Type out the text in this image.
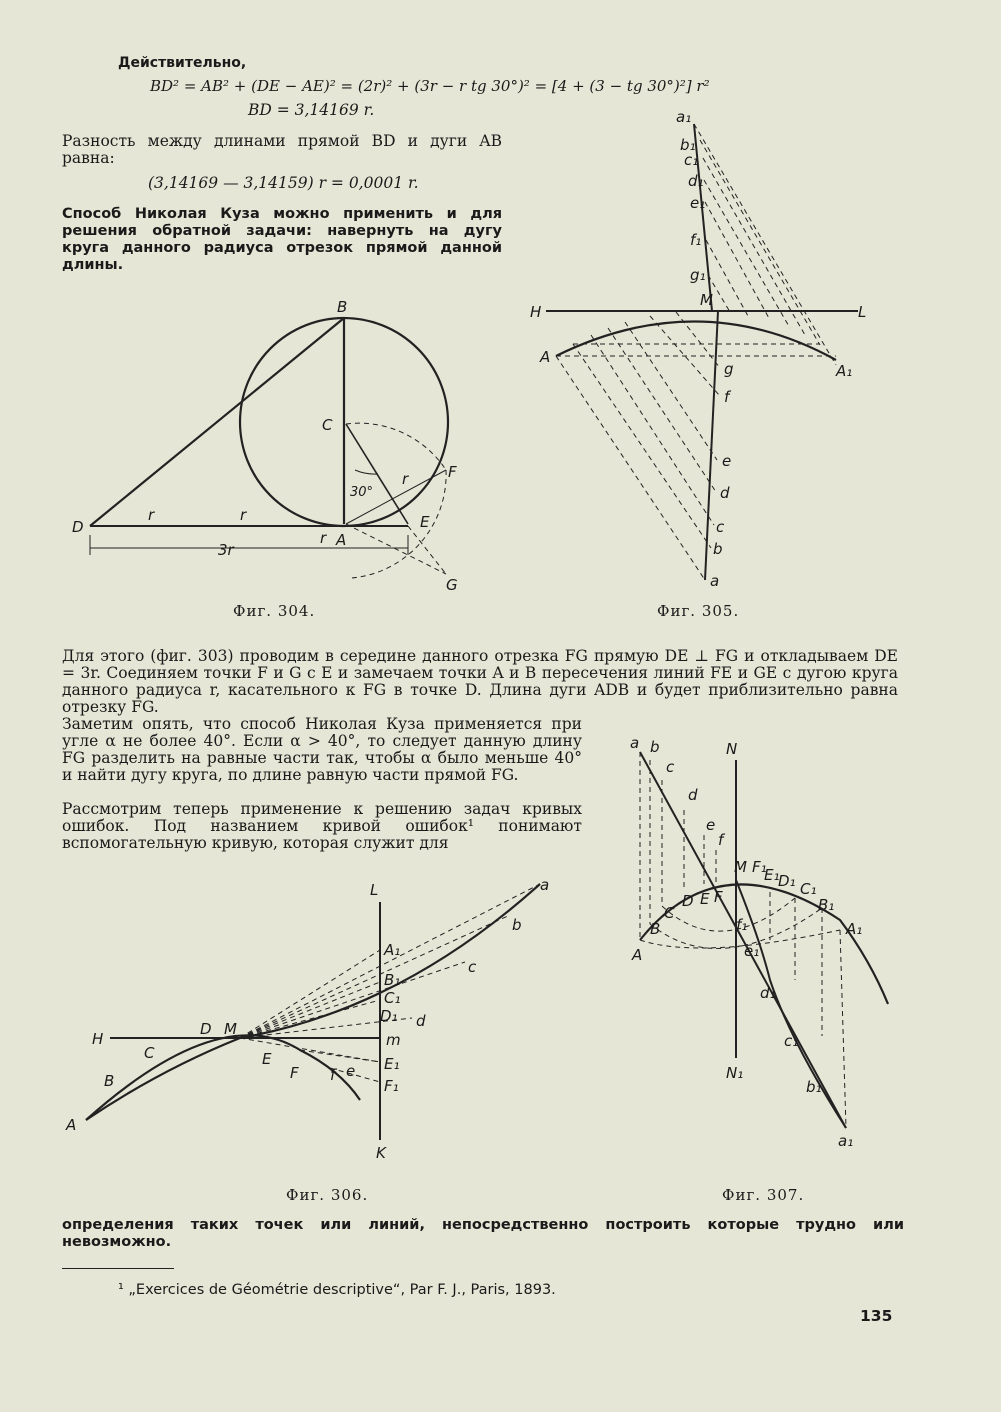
Действительно,
BD² = AB² + (DE − AE)² = (2r)² + (3r − r tg 30°)² = [4 + (3 − tg 30°)²] r²
BD = 3,14169 r.
Разность между длинами прямой BD и дуги AB равна:
(3,14169 — 3,14159) r = 0,0001 r.
Способ Николая Куза можно применить и для решения обратной задачи: навернуть на дугу круга данного радиуса отрезок прямой данной длины.
B
C
D
A
E
F
G
r	r
r
r
3r
30°
H	L
M
A
A₁
a₁
b₁
c₁
d₁
e₁
f₁
g₁
g
f
e
d
c
b
a
Фиг. 304.	Фиг. 305.
Для этого (фиг. 303) проводим в середине данного отрезка FG прямую DE ⊥ FG и откладываем DE = 3r. Соединяем точки F и G с E и замечаем точки A и B пересечения линий FE и GE с дугою круга данного радиуса r, касательного к FG в точке D. Длина дуги ADB и будет приблизительно равна отрезку FG.
Заметим опять, что способ Николая Куза применяется при угле α не более 40°. Если α > 40°, то следует данную длину FG разделить на равные части так, чтобы α было меньше 40° и найти дугу круга, по длине равную части прямой FG.
Рассмотрим теперь применение к решению задач кривых ошибок. Под названием кривой ошибок¹ понимают вспомогательную кривую, которая служит для
L
K
H
A
B
C
D M
E
F
m
a
b
c
d
e
f
A₁
B₁
C₁
D₁
E₁
F₁
N
N₁
a b
c
d
e
f
A
B
C
D E F
M F₁
E₁
D₁ C₁
B₁
A₁
f₁
e₁
d₁
c₁
b₁
a₁
Фиг. 306.	Фиг. 307.
определения таких точек или линий, непосредственно построить которые трудно или невозможно.
¹ „Exercices de Géométrie descriptive“, Par F. J., Paris, 1893.
135
